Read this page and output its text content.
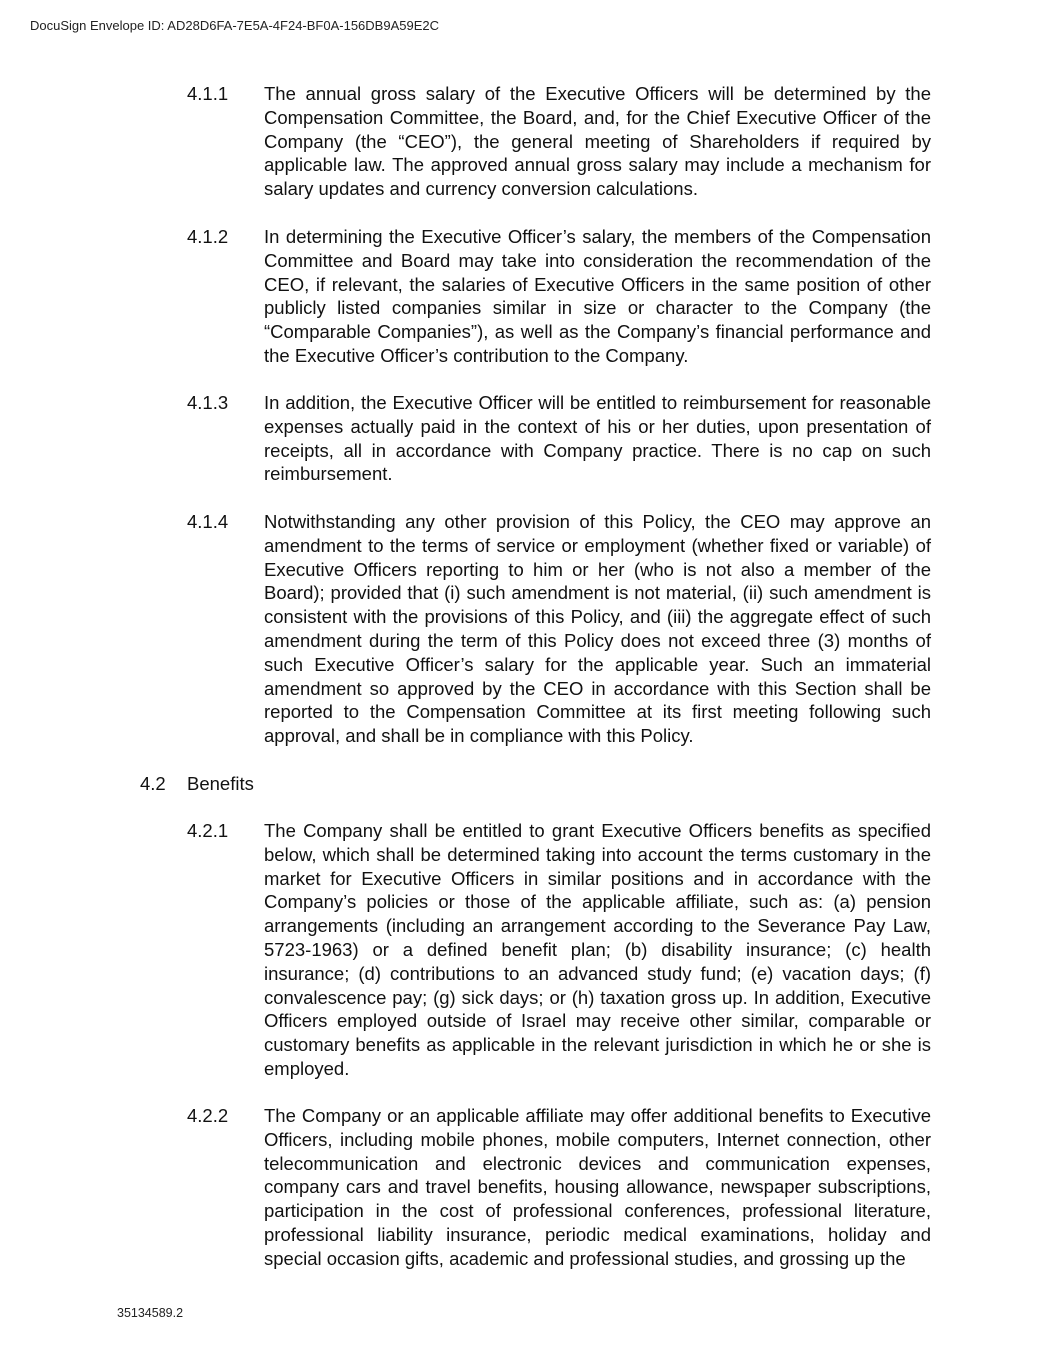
DocuSign Envelope ID: AD28D6FA-7E5A-4F24-BF0A-156DB9A59E2C
4.1.1 The annual gross salary of the Executive Officers will be determined by the Compensation Committee, the Board, and, for the Chief Executive Officer of the Company (the “CEO”), the general meeting of Shareholders if required by applicable law. The approved annual gross salary may include a mechanism for salary updates and currency conversion calculations.
4.1.2 In determining the Executive Officer’s salary, the members of the Compensation Committee and Board may take into consideration the recommendation of the CEO, if relevant, the salaries of Executive Officers in the same position of other publicly listed companies similar in size or character to the Company (the “Comparable Companies”), as well as the Company’s financial performance and the Executive Officer’s contribution to the Company.
4.1.3 In addition, the Executive Officer will be entitled to reimbursement for reasonable expenses actually paid in the context of his or her duties, upon presentation of receipts, all in accordance with Company practice. There is no cap on such reimbursement.
4.1.4 Notwithstanding any other provision of this Policy, the CEO may approve an amendment to the terms of service or employment (whether fixed or variable) of Executive Officers reporting to him or her (who is not also a member of the Board); provided that (i) such amendment is not material, (ii) such amendment is consistent with the provisions of this Policy, and (iii) the aggregate effect of such amendment during the term of this Policy does not exceed three (3) months of such Executive Officer’s salary for the applicable year. Such an immaterial amendment so approved by the CEO in accordance with this Section shall be reported to the Compensation Committee at its first meeting following such approval, and shall be in compliance with this Policy.
4.2 Benefits
4.2.1 The Company shall be entitled to grant Executive Officers benefits as specified below, which shall be determined taking into account the terms customary in the market for Executive Officers in similar positions and in accordance with the Company’s policies or those of the applicable affiliate, such as: (a) pension arrangements (including an arrangement according to the Severance Pay Law, 5723-1963) or a defined benefit plan; (b) disability insurance; (c) health insurance; (d) contributions to an advanced study fund; (e) vacation days; (f) convalescence pay; (g) sick days; or (h) taxation gross up. In addition, Executive Officers employed outside of Israel may receive other similar, comparable or customary benefits as applicable in the relevant jurisdiction in which he or she is employed.
4.2.2 The Company or an applicable affiliate may offer additional benefits to Executive Officers, including mobile phones, mobile computers, Internet connection, other telecommunication and electronic devices and communication expenses, company cars and travel benefits, housing allowance, newspaper subscriptions, participation in the cost of professional conferences, professional literature, professional liability insurance, periodic medical examinations, holiday and special occasion gifts, academic and professional studies, and grossing up the
35134589.2
